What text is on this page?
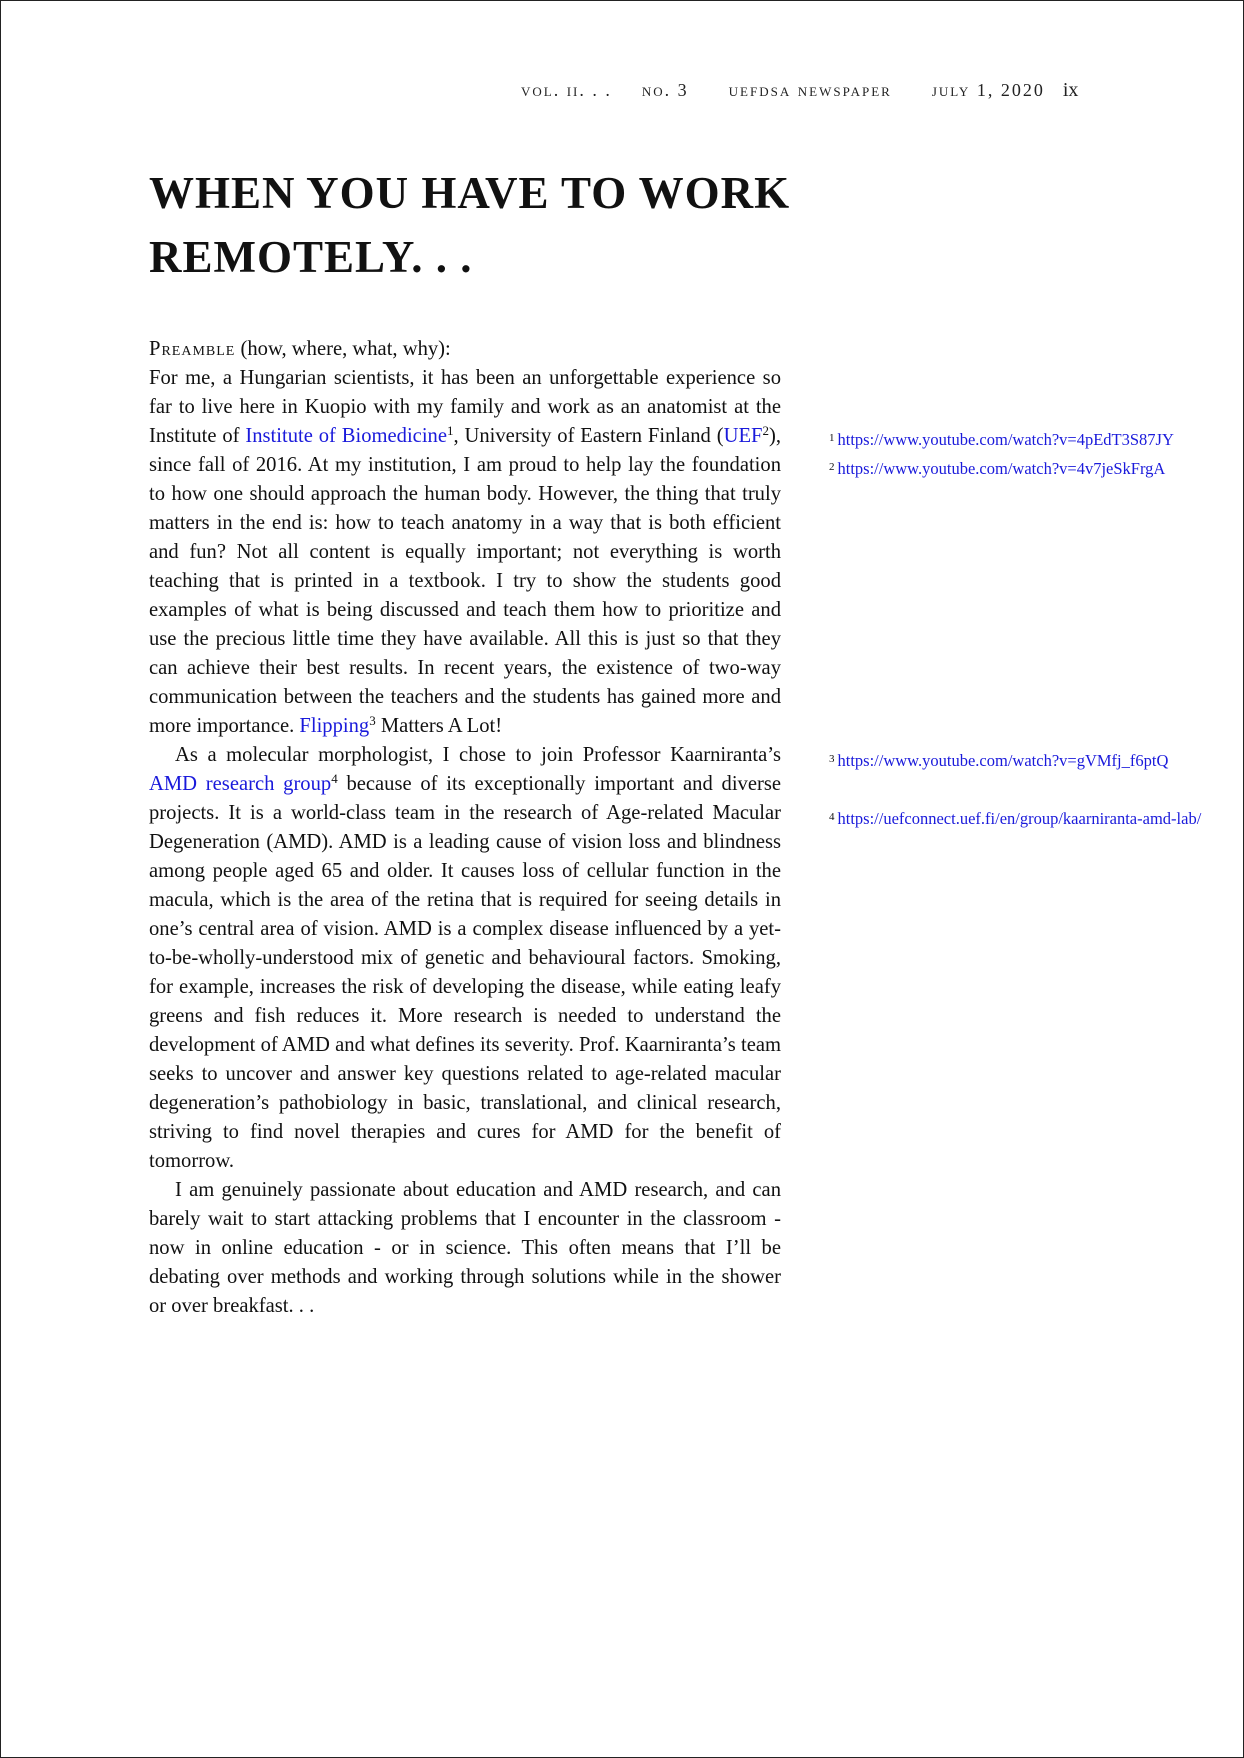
vol. ii. . . no. 3 uefdsa newspaper july 1, 2020 ix
WHEN YOU HAVE TO WORK REMOTELY. . .

Preamble (how, where, what, why):

For me, a Hungarian scientists, it has been an unforgettable experience so far to live here in Kuopio with my family and work as an anatomist at the Institute of Institute of Biomedicine$^1$, University of Eastern Finland (UEF$^2$), since fall of 2016. At my institution, I am proud to help lay the foundation to how one should approach the human body. However, the thing that truly matters in the end is: how to teach anatomy in a way that is both efficient and fun? Not all content is equally important; not everything is worth teaching that is printed in a textbook. I try to show the students good examples of what is being discussed and teach them how to prioritize and use the precious little time they have available. All this is just so that they can achieve their best results. In recent years, the existence of two-way communication between the teachers and the students has gained more and more importance. Flipping$^3$ Matters A Lot!

As a molecular morphologist, I chose to join Professor Kaarniranta’s AMD research group$^4$ because of its exceptionally important and diverse projects. It is a world-class team in the research of Age-related Macular Degeneration (AMD). AMD is a leading cause of vision loss and blindness among people aged 65 and older. It causes loss of cellular function in the macula, which is the area of the retina that is required for seeing details in one’s central area of vision. AMD is a complex disease influenced by a yet-to-be-wholly-understood mix of genetic and behavioural factors. Smoking, for example, increases the risk of developing the disease, while eating leafy greens and fish reduces it. More research is needed to understand the development of AMD and what defines its severity. Prof. Kaarniranta’s team seeks to uncover and answer key questions related to age-related macular degeneration’s pathobiology in basic, translational, and clinical research, striving to find novel therapies and cures for AMD for the benefit of tomorrow.

I am genuinely passionate about education and AMD research, and can barely wait to start attacking problems that I encounter in the classroom - now in online education - or in science. This often means that I’ll be debating over methods and working through solutions while in the shower or over breakfast. . .

$^1$ https://www.youtube.com/watch?v=4pEdT3S87JY
$^2$ https://www.youtube.com/watch?v=4v7jeSkFrgA
$^3$ https://www.youtube.com/watch?v=gVMfj_f6ptQ
$^4$ https://uefconnect.uef.fi/en/group/kaarniranta-amd-lab/
